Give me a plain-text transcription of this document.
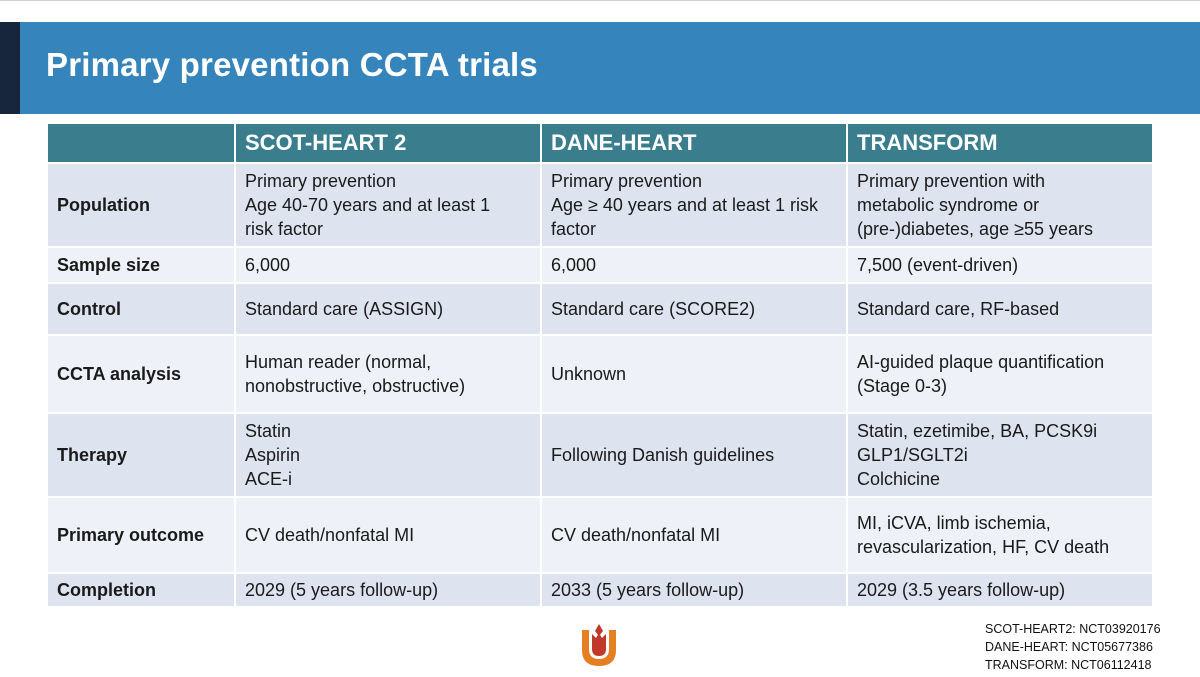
Primary prevention CCTA trials
	SCOT-HEART 2	DANE-HEART	TRANSFORM
Population	Primary prevention
Age 40-70 years and at least 1
risk factor	Primary prevention
Age ≥ 40 years and at least 1 risk
factor	Primary prevention with
metabolic syndrome or
(pre-)diabetes, age ≥55 years

Sample size	6,000	6,000	7,500 (event-driven)

Control	Standard care (ASSIGN)	Standard care (SCORE2)	Standard care, RF-based

CCTA analysis	Human reader (normal,
nonobstructive, obstructive)	Unknown	AI-guided plaque quantification
(Stage 0-3)

Therapy	Statin
Aspirin
ACE-i	Following Danish guidelines	Statin, ezetimibe, BA, PCSK9i
GLP1/SGLT2i
Colchicine

Primary outcome	CV death/nonfatal MI	CV death/nonfatal MI	MI, iCVA, limb ischemia,
revascularization, HF, CV death

Completion	2029 (5 years follow-up)	2033 (5 years follow-up)	2029 (3.5 years follow-up)
SCOT-HEART2: NCT03920176
DANE-HEART: NCT05677386
TRANSFORM: NCT06112418
